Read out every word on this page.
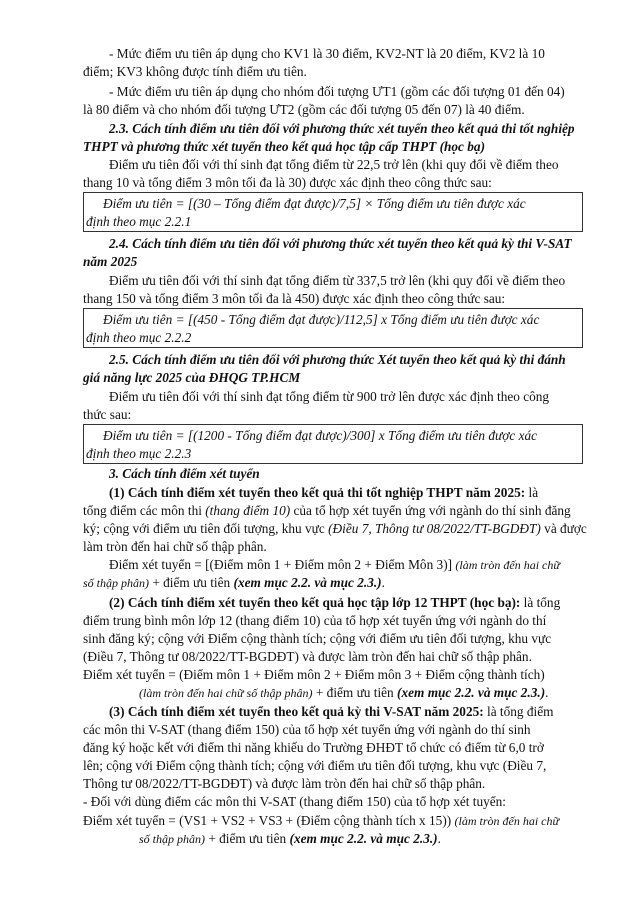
- Mức điểm ưu tiên áp dụng cho KV1 là 30 điểm, KV2-NT là 20 điểm, KV2 là 10
điểm; KV3 không được tính điểm ưu tiên.
- Mức điểm ưu tiên áp dụng cho nhóm đối tượng ƯT1 (gồm các đối tượng 01 đến 04)
là 80 điểm và cho nhóm đối tượng ƯT2 (gồm các đối tượng 05 đến 07) là 40 điểm.
2.3. Cách tính điểm ưu tiên đối với phương thức xét tuyển theo kết quả thi tốt nghiệp
THPT và phương thức xét tuyển theo kết quả học tập cấp THPT (học bạ)
Điểm ưu tiên đối với thí sinh đạt tổng điểm từ 22,5 trở lên (khi quy đổi về điểm theo
thang 10 và tổng điểm 3 môn tối đa là 30) được xác định theo công thức sau:
Điểm ưu tiên = [(30 – Tổng điểm đạt được)/7,5] × Tổng điểm ưu tiên được xác
định theo mục 2.2.1
2.4. Cách tính điểm ưu tiên đối với phương thức xét tuyển theo kết quả kỳ thi V-SAT
năm 2025
Điểm ưu tiên đối với thí sinh đạt tổng điểm từ 337,5 trở lên (khi quy đổi về điểm theo
thang 150 và tổng điểm 3 môn tối đa là 450) được xác định theo công thức sau:
Điểm ưu tiên = [(450 - Tổng điểm đạt được)/112,5] x Tổng điểm ưu tiên được xác
định theo mục 2.2.2
2.5. Cách tính điểm ưu tiên đối với phương thức Xét tuyển theo kết quả kỳ thi đánh
giá năng lực 2025 của ĐHQG TP.HCM
Điểm ưu tiên đối với thí sinh đạt tổng điểm từ 900 trở lên được xác định theo công
thức sau:
Điểm ưu tiên = [(1200 - Tổng điểm đạt được)/300] x Tổng điểm ưu tiên được xác
định theo mục 2.2.3
3. Cách tính điểm xét tuyển
(1) Cách tính điểm xét tuyển theo kết quả thi tốt nghiệp THPT năm 2025: là
tổng điểm các môn thi (thang điểm 10) của tổ hợp xét tuyển ứng với ngành do thí sinh đăng
ký; cộng với điểm ưu tiên đối tượng, khu vực (Điều 7, Thông tư 08/2022/TT-BGDĐT) và được
làm tròn đến hai chữ số thập phân.
Điểm xét tuyển = [(Điểm môn 1 + Điểm môn 2 + Điểm Môn 3)] (làm tròn đến hai chữ
số thập phân) + điểm ưu tiên (xem mục 2.2. và mục 2.3.).
(2) Cách tính điểm xét tuyển theo kết quả học tập lớp 12 THPT (học bạ): là tổng
điểm trung bình môn lớp 12 (thang điểm 10) của tổ hợp xét tuyển ứng với ngành do thí
sinh đăng ký; cộng với Điểm cộng thành tích; cộng với điểm ưu tiên đối tượng, khu vực
(Điều 7, Thông tư 08/2022/TT-BGDĐT) và được làm tròn đến hai chữ số thập phân.
Điểm xét tuyển = (Điểm môn 1 + Điểm môn 2 + Điểm môn 3 + Điểm cộng thành tích)
(làm tròn đến hai chữ số thập phân) + điểm ưu tiên (xem mục 2.2. và mục 2.3.).
(3) Cách tính điểm xét tuyển theo kết quả kỳ thi V-SAT năm 2025: là tổng điểm
các môn thi V-SAT (thang điểm 150) của tổ hợp xét tuyển ứng với ngành do thí sinh
đăng ký hoặc kết với điểm thi năng khiếu do Trường ĐHĐT tổ chức có điểm từ 6,0 trở
lên; cộng với Điểm cộng thành tích; cộng với điểm ưu tiên đối tượng, khu vực (Điều 7,
Thông tư 08/2022/TT-BGDĐT) và được làm tròn đến hai chữ số thập phân.
- Đối với dùng điểm các môn thi V-SAT (thang điểm 150) của tổ hợp xét tuyển:
Điểm xét tuyển = (VS1 + VS2 + VS3 + (Điểm cộng thành tích x 15)) (làm tròn đến hai chữ
số thập phân) + điểm ưu tiên (xem mục 2.2. và mục 2.3.).
